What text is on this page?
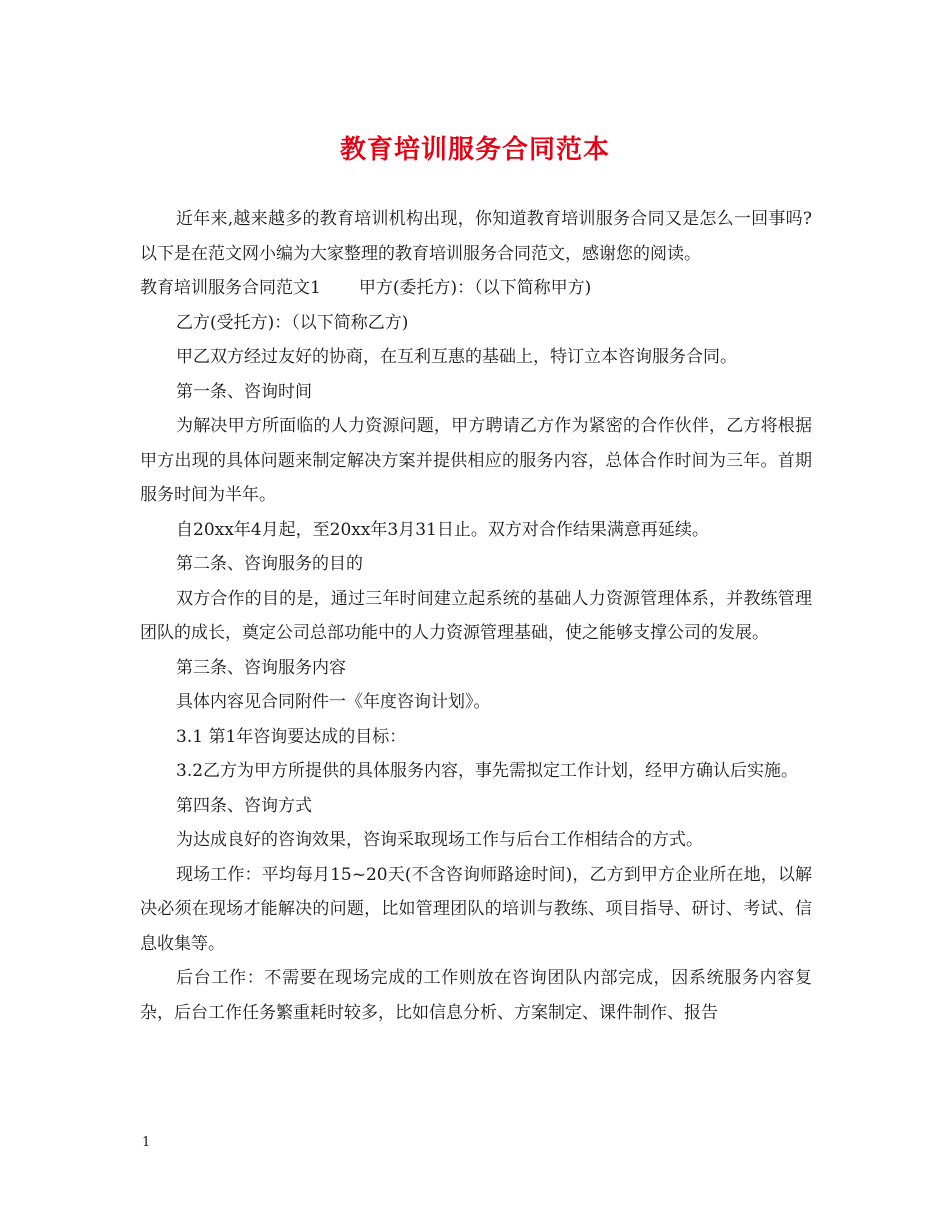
教育培训服务合同范本

近年来,越来越多的教育培训机构出现，你知道教育培训服务合同又是怎么一回事吗?以下是在范文网小编为大家整理的教育培训服务合同范文，感谢您的阅读。

教育培训服务合同范文1 甲方(委托方)：（以下简称甲方)

乙方(受托方)：（以下简称乙方)

甲乙双方经过友好的协商，在互利互惠的基础上，特订立本咨询服务合同。

第一条、咨询时间

为解决甲方所面临的人力资源问题，甲方聘请乙方作为紧密的合作伙伴，乙方将根据甲方出现的具体问题来制定解决方案并提供相应的服务内容，总体合作时间为三年。首期服务时间为半年。

自20xx年4月起，至20xx年3月31日止。双方对合作结果满意再延续。

第二条、咨询服务的目的

双方合作的目的是，通过三年时间建立起系统的基础人力资源管理体系，并教练管理团队的成长，奠定公司总部功能中的人力资源管理基础，使之能够支撑公司的发展。

第三条、咨询服务内容

具体内容见合同附件一《年度咨询计划》。

3.1 第1年咨询要达成的目标：

3.2乙方为甲方所提供的具体服务内容，事先需拟定工作计划，经甲方确认后实施。

第四条、咨询方式

为达成良好的咨询效果，咨询采取现场工作与后台工作相结合的方式。

现场工作：平均每月15~20天(不含咨询师路途时间)，乙方到甲方企业所在地，以解决必须在现场才能解决的问题，比如管理团队的培训与教练、项目指导、研讨、考试、信息收集等。

后台工作：不需要在现场完成的工作则放在咨询团队内部完成，因系统服务内容复杂，后台工作任务繁重耗时较多，比如信息分析、方案制定、课件制作、报告

1
